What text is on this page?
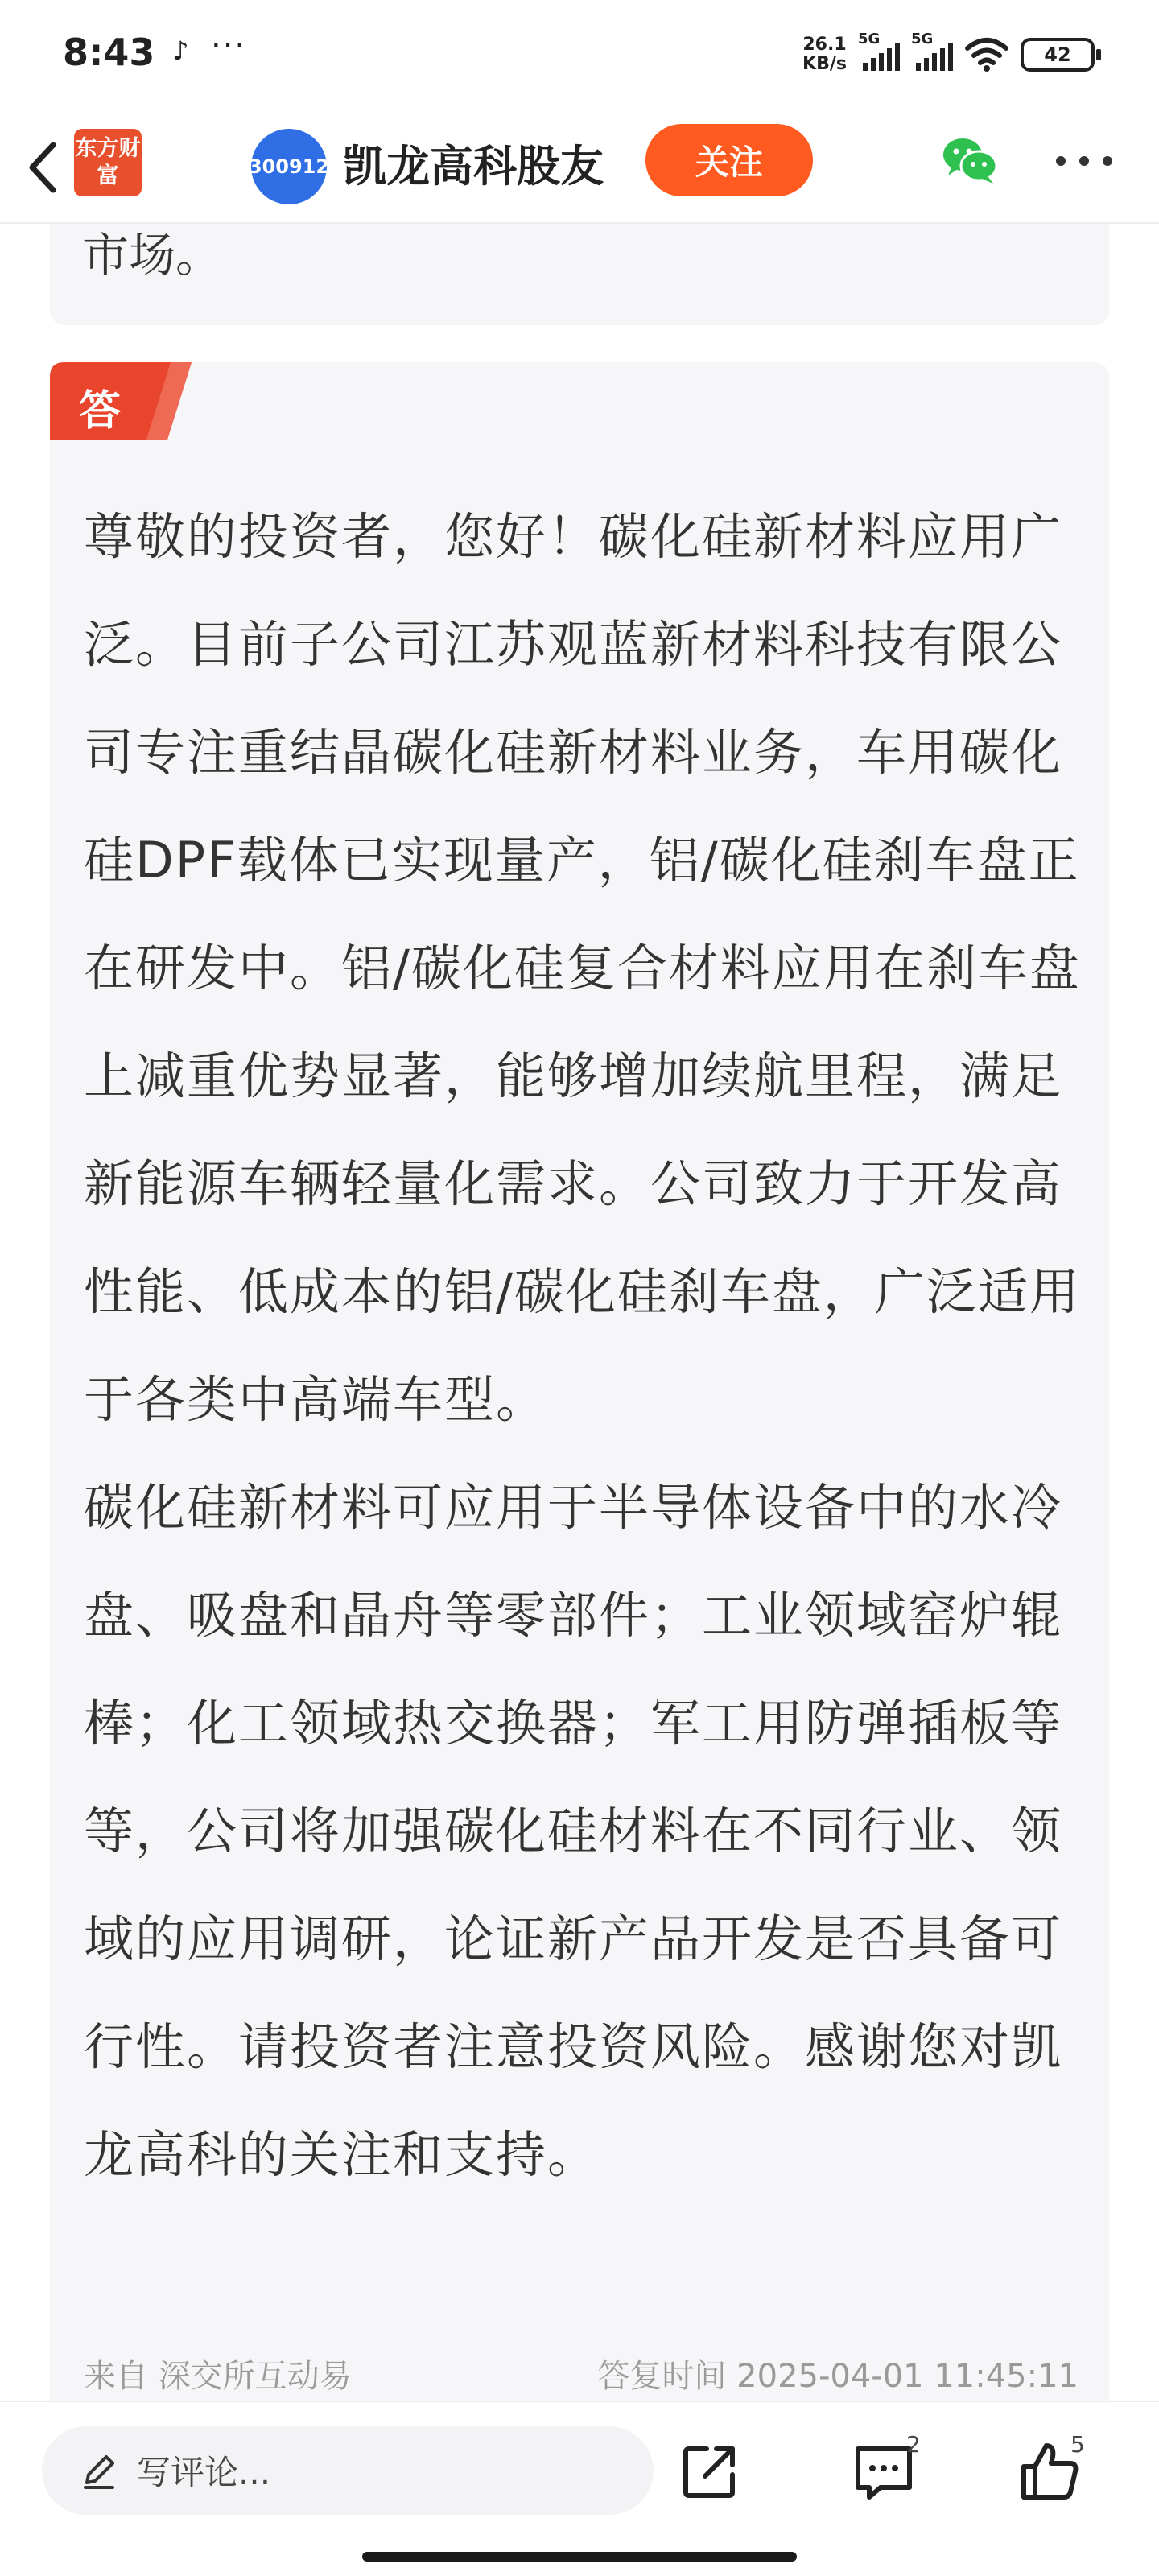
8:43 ♪ ···	26.1
KB/s
5G 5G
42
东方财富	300912 凯龙高科股友	关注
市场。
答

尊敬的投资者，您好！碳化硅新材料应用广泛。目前子公司江苏观蓝新材料科技有限公司专注重结晶碳化硅新材料业务，车用碳化硅DPF载体已实现量产，铝/碳化硅刹车盘正在研发中。铝/碳化硅复合材料应用在刹车盘上减重优势显著，能够增加续航里程，满足新能源车辆轻量化需求。公司致力于开发高性能、低成本的铝/碳化硅刹车盘，广泛适用于各类中高端车型。

碳化硅新材料可应用于半导体设备中的水冷盘、吸盘和晶舟等零部件；工业领域窑炉辊棒；化工领域热交换器；军工用防弹插板等等，公司将加强碳化硅材料在不同行业、领域的应用调研，论证新产品开发是否具备可行性。请投资者注意投资风险。感谢您对凯龙高科的关注和支持。

来自 深交所互动易	答复时间 2025-04-01 11:45:11
写评论...
2	5
